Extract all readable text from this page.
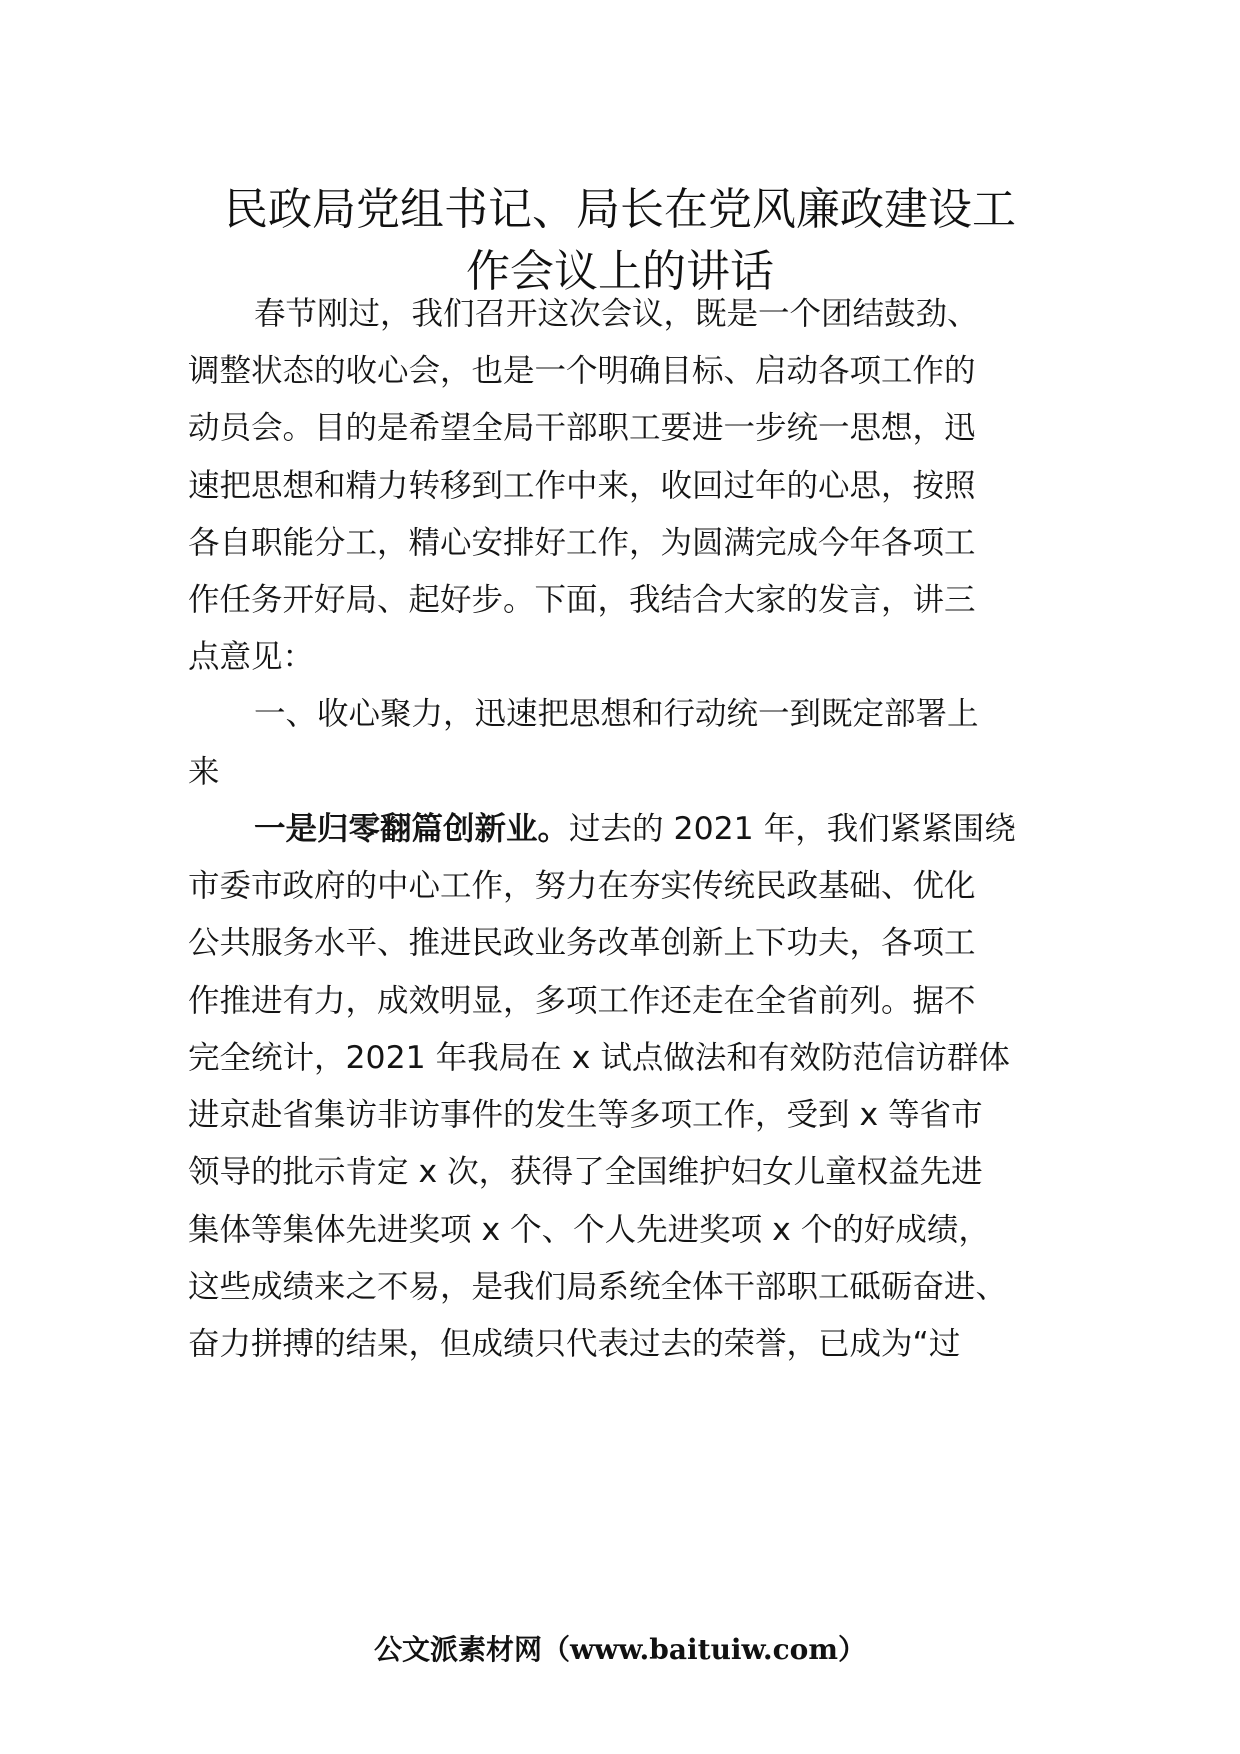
民政局党组书记、局长在党风廉政建设工
作会议上的讲话
春节刚过，我们召开这次会议，既是一个团结鼓劲、
调整状态的收心会，也是一个明确目标、启动各项工作的
动员会。目的是希望全局干部职工要进一步统一思想，迅
速把思想和精力转移到工作中来，收回过年的心思，按照
各自职能分工，精心安排好工作，为圆满完成今年各项工
作任务开好局、起好步。下面，我结合大家的发言，讲三
点意见：
一、收心聚力，迅速把思想和行动统一到既定部署上
来
一是归零翻篇创新业。过去的 2021 年，我们紧紧围绕
市委市政府的中心工作，努力在夯实传统民政基础、优化
公共服务水平、推进民政业务改革创新上下功夫，各项工
作推进有力，成效明显，多项工作还走在全省前列。据不
完全统计，2021 年我局在 x 试点做法和有效防范信访群体
进京赴省集访非访事件的发生等多项工作，受到 x 等省市
领导的批示肯定 x 次，获得了全国维护妇女儿童权益先进
集体等集体先进奖项 x 个、个人先进奖项 x 个的好成绩，
这些成绩来之不易，是我们局系统全体干部职工砥砺奋进、
奋力拼搏的结果，但成绩只代表过去的荣誉，已成为“过
公文派素材网（www.baituiw.com）
